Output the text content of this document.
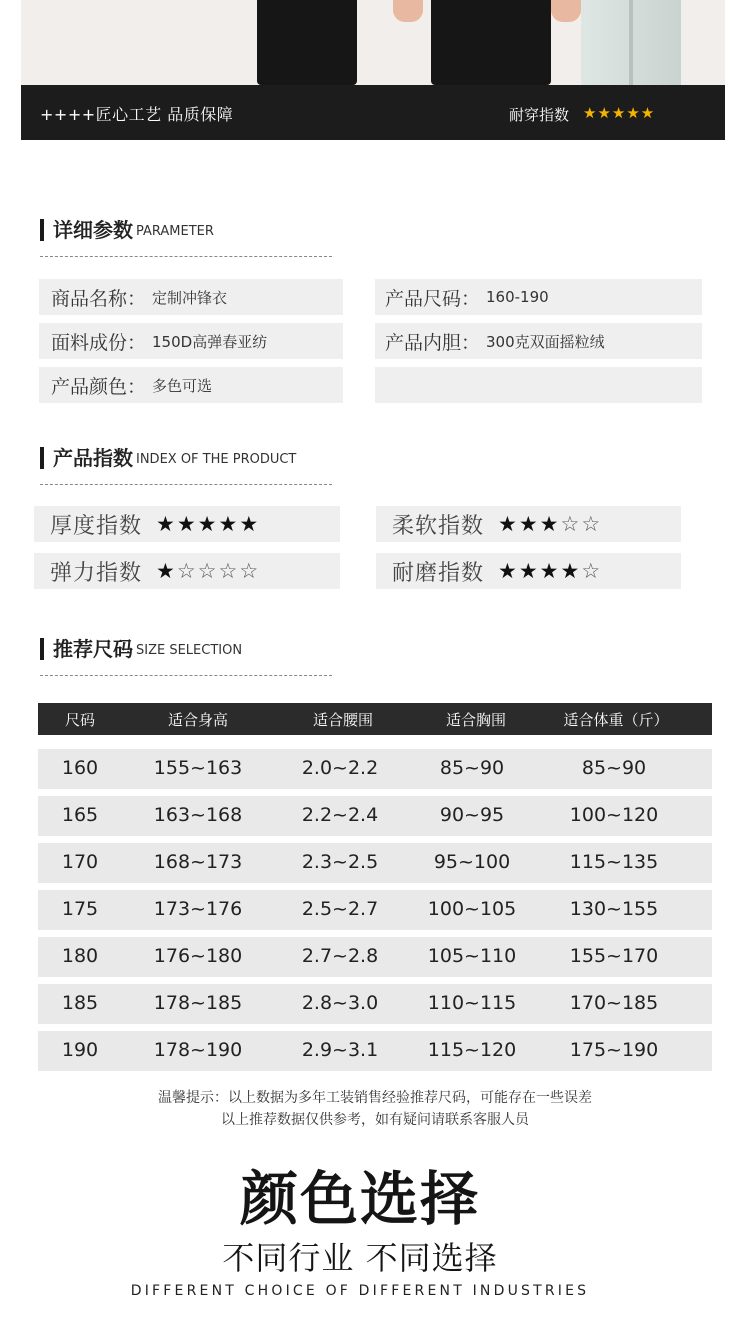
++++匠心工艺 品质保障	耐穿指数 ★★★★★
详细参数 PARAMETER
商品名称： 定制冲锋衣	产品尺码： 160-190
面料成份： 150D高弹春亚纺	产品内胆： 300克双面摇粒绒
产品颜色： 多色可选
产品指数 INDEX OF THE PRODUCT
厚度指数 ★★★★★	柔软指数 ★★★☆☆
弹力指数 ★☆☆☆☆	耐磨指数 ★★★★☆
推荐尺码 SIZE SELECTION
尺码	适合身高	适合腰围	适合胸围	适合体重（斤）
160	155~163	2.0~2.2	85~90	85~90
165	163~168	2.2~2.4	90~95	100~120
170	168~173	2.3~2.5	95~100	115~135
175	173~176	2.5~2.7	100~105	130~155
180	176~180	2.7~2.8	105~110	155~170
185	178~185	2.8~3.0	110~115	170~185
190	178~190	2.9~3.1	115~120	175~190
温馨提示：以上数据为多年工装销售经验推荐尺码，可能存在一些误差
以上推荐数据仅供参考，如有疑问请联系客服人员
颜色选择
不同行业 不同选择
DIFFERENT CHOICE OF DIFFERENT INDUSTRIES
